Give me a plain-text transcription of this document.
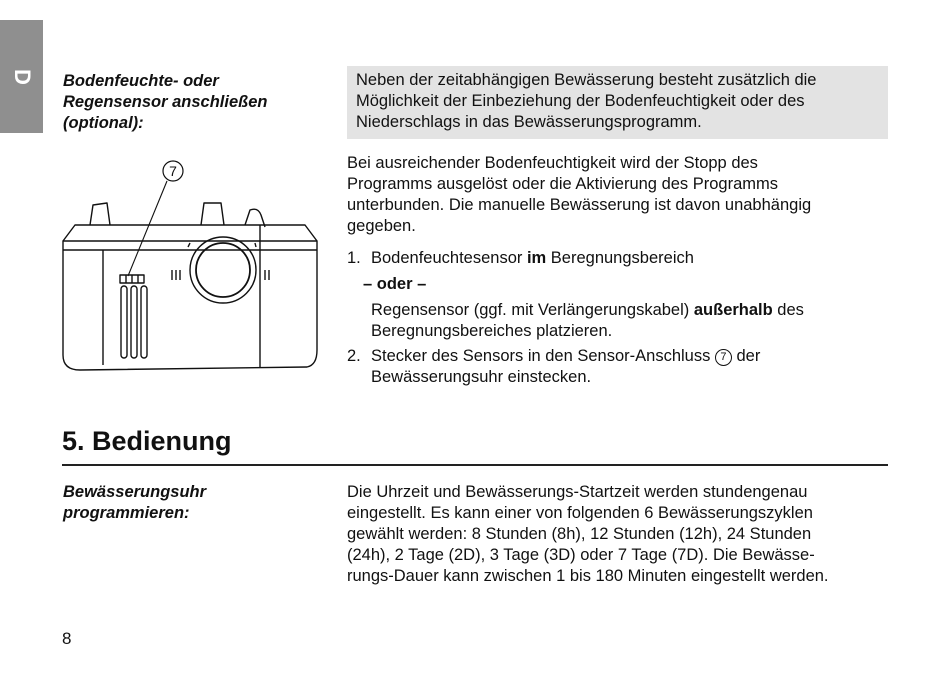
D Bodenfeuchte- oder
Regensensor anschließen
(optional):

Neben der zeitabhängigen Bewässerung besteht zusätzlich die
Möglichkeit der Einbeziehung der Bodenfeuchtigkeit oder des
Niederschlags in das Bewässerungsprogramm.

Bei ausreichender Bodenfeuchtigkeit wird der Stopp des
Programms ausgelöst oder die Aktivierung des Programms
unterbunden. Die manuelle Bewässerung ist davon unabhängig
gegeben.
1. Bodenfeuchtesensor im Beregnungsbereich
– oder –
Regensensor (ggf. mit Verlängerungskabel) außerhalb des
Beregnungsbereiches platzieren.
2. Stecker des Sensors in den Sensor-Anschluss 7 der
Bewässerungsuhr einstecken.
7
5. Bedienung
Bewässerungsuhr
programmieren:
Die Uhrzeit und Bewässerungs-Startzeit werden stundengenau
eingestellt. Es kann einer von folgenden 6 Bewässerungszyklen
gewählt werden: 8 Stunden (8h), 12 Stunden (12h), 24 Stunden
(24h), 2 Tage (2D), 3 Tage (3D) oder 7 Tage (7D). Die Bewässe-
rungs-Dauer kann zwischen 1 bis 180 Minuten eingestellt werden.
8
